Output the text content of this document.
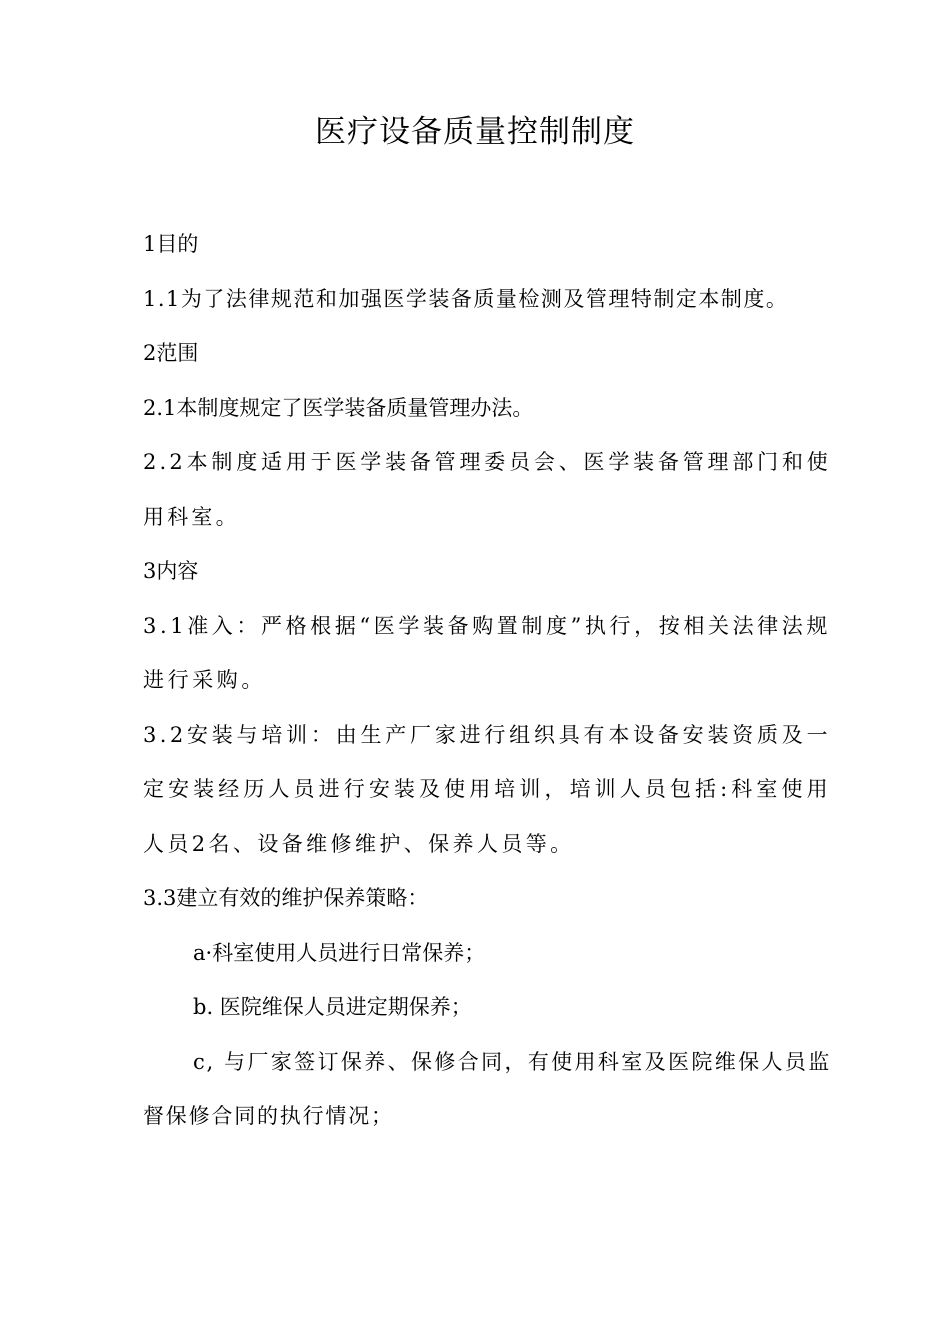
医疗设备质量控制制度

1目的

1.1为了法律规范和加强医学装备质量检测及管理特制定本制度。

2范围

2.1本制度规定了医学装备质量管理办法。

2.2本制度适用于医学装备管理委员会、医学装备管理部门和使用科室。

3内容

3.1准入：严格根据“医学装备购置制度”执行，按相关法律法规进行采购。

3.2安装与培训：由生产厂家进行组织具有本设备安装资质及一定安装经历人员进行安装及使用培训，培训人员包括:科室使用人员2名、设备维修维护、保养人员等。

3.3建立有效的维护保养策略：

a·科室使用人员进行日常保养；

b. 医院维保人员进定期保养；

c, 与厂家签订保养、保修合同，有使用科室及医院维保人员监督保修合同的执行情况；
